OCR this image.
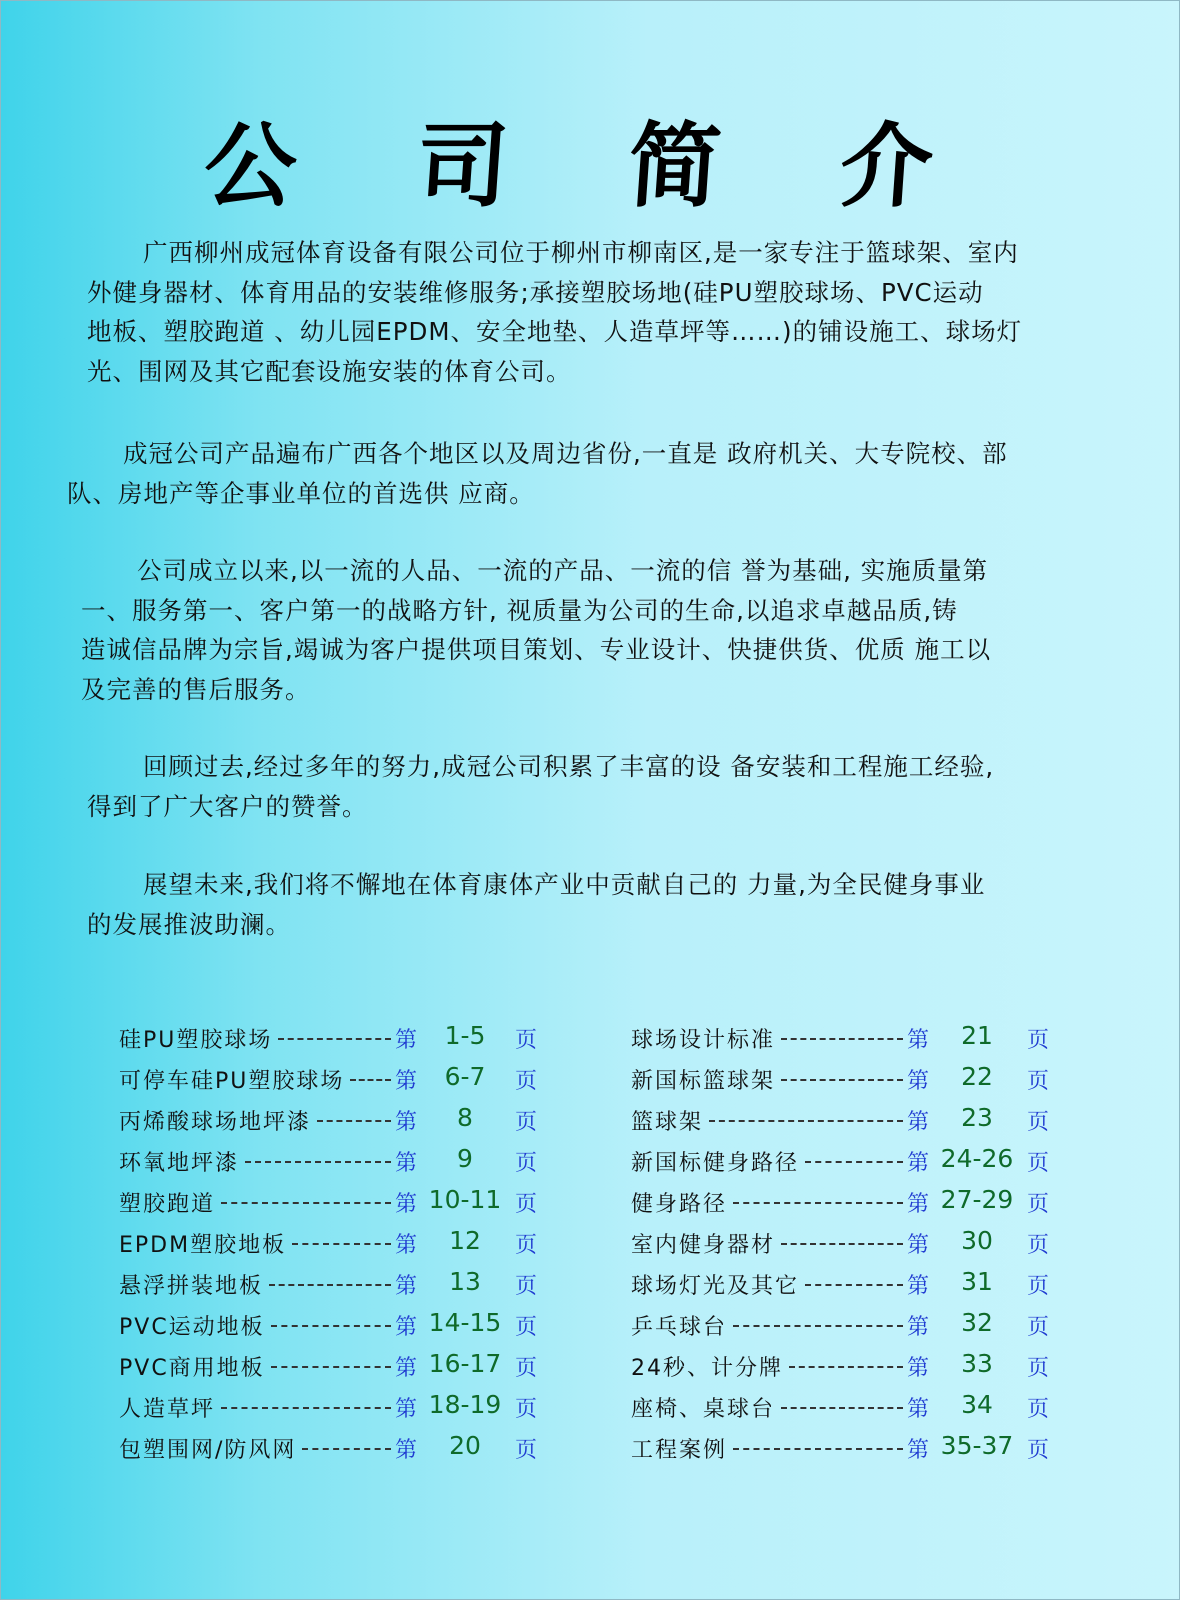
公 司 简 介
广西柳州成冠体育设备有限公司位于柳州市柳南区,是一家专注于篮球架、室内
外健身器材、体育用品的安装维修服务;承接塑胶场地(硅PU塑胶球场、PVC运动
地板、塑胶跑道 、幼儿园EPDM、安全地垫、人造草坪等……)的铺设施工、球场灯
光、围网及其它配套设施安装的体育公司。
成冠公司产品遍布广西各个地区以及周边省份,一直是 政府机关、大专院校、部
队、房地产等企事业单位的首选供 应商。
公司成立以来,以一流的人品、一流的产品、一流的信 誉为基础, 实施质量第
一、服务第一、客户第一的战略方针, 视质量为公司的生命,以追求卓越品质,铸
造诚信品牌为宗旨,竭诚为客户提供项目策划、专业设计、快捷供货、优质 施工以
及完善的售后服务。
回顾过去,经过多年的努力,成冠公司积累了丰富的设 备安装和工程施工经验,
得到了广大客户的赞誉。
展望未来,我们将不懈地在体育康体产业中贡献自己的 力量,为全民健身事业
的发展推波助澜。
硅PU塑胶球场	第	1-5	页
可停车硅PU塑胶球场 第	6-7	页
丙烯酸球场地坪漆	第	8	页
环氧地坪漆	第	9	页
塑胶跑道	第 10-11 页
EPDM塑胶地板	第	12	页
悬浮拼装地板	第	13	页
PVC运动地板	第 14-15 页
PVC商用地板	第 16-17 页
人造草坪	第 18-19 页
包塑围网/防风网	第	20	页
球场设计标准	第	21	页
新国标篮球架	第	22	页
篮球架	第	23	页
新国标健身路径	第 24-26 页
健身路径	第 27-29 页
室内健身器材	第	30	页
球场灯光及其它	第	31	页
乒乓球台	第	32	页
24秒、计分牌	第	33	页
座椅、桌球台	第	34	页
工程案例	第 35-37 页
